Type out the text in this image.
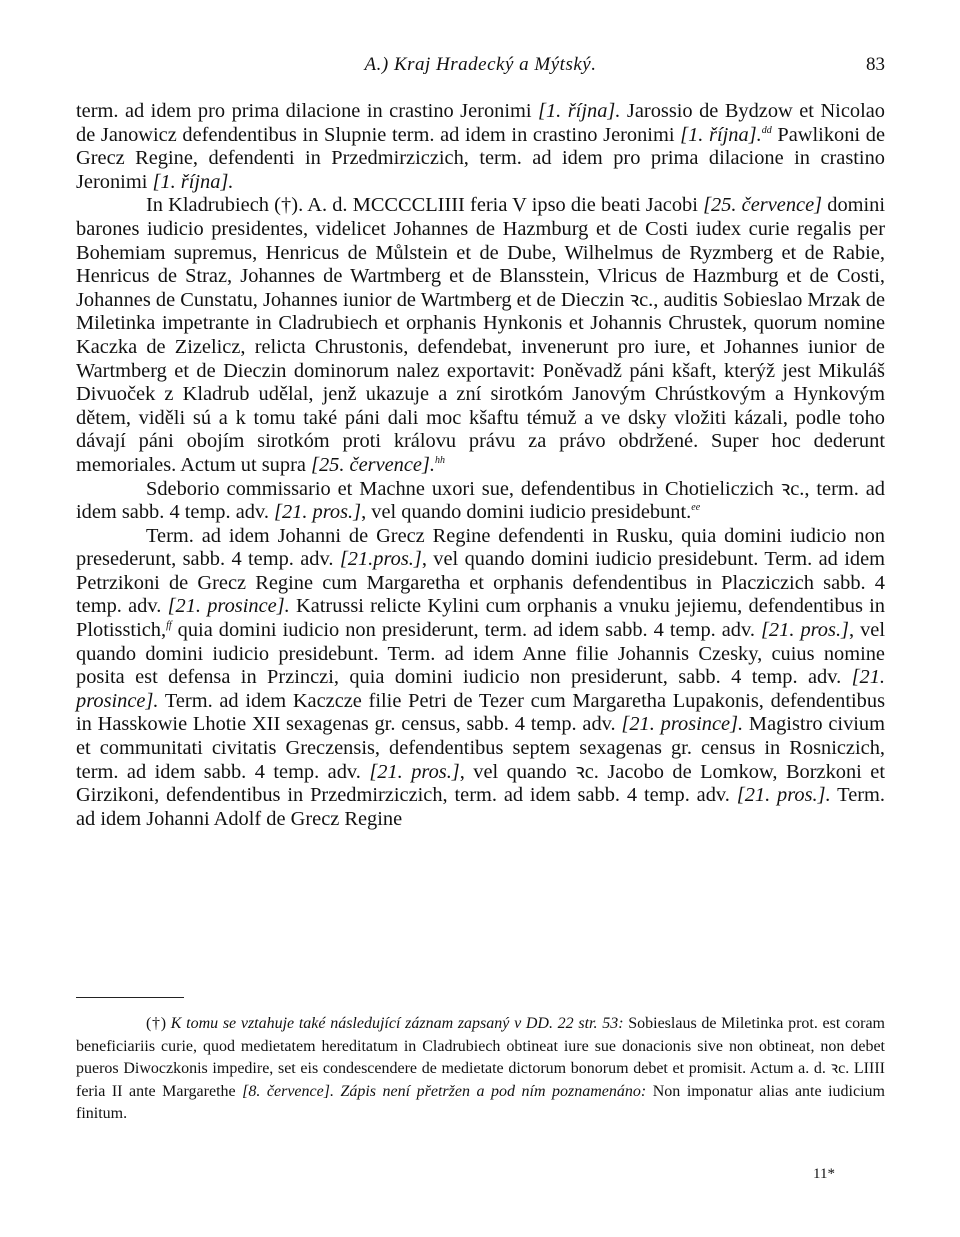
A.) Kraj Hradecký a Mýtský.	83

term. ad idem pro prima dilacione in crastino Jeronimi [1. října]. Jarossio de Bydzow et Nicolao de Janowicz defendentibus in Slupnie term. ad idem in crastino Jeronimi [1. října].$^{dd}$ Pawlikoni de Grecz Regine, defendenti in Przedmirziczich, term. ad idem pro prima dilacione in crastino Jeronimi [1. října].

In Kladrubiech (†). A. d. MCCCCLIIII feria V ipso die beati Jacobi [25. července] domini barones iudicio presidentes, videlicet Johannes de Hazmburg et de Costi iudex curie regalis per Bohemiam supremus, Henricus de Můlstein et de Dube, Wilhelmus de Ryzmberg et de Rabie, Henricus de Straz, Johannes de Wartmberg et de Blansstein, Vlricus de Hazmburg et de Costi, Johannes de Cunstatu, Johannes iunior de Wartmberg et de Dieczin ꝛc., auditis Sobieslao Mrzak de Miletinka impetrante in Cladrubiech et orphanis Hynkonis et Johannis Chrustek, quorum nomine Kaczka de Zizelicz, relicta Chrustonis, defendebat, invenerunt pro iure, et Johannes iunior de Wartmberg et de Dieczin dominorum nalez exportavit: Poněvadž páni kšaft, kterýž jest Mikuláš Divuoček z Kladrub udělal, jenž ukazuje a zní sirotkóm Janovým Chrústkovým a Hynkovým dětem, viděli sú a k tomu také páni dali moc kšaftu témuž a ve dsky vložiti kázali, podle toho dávají páni obojím sirotkóm proti královu právu za právo obdržené. Super hoc dederunt memoriales. Actum ut supra [25. července].$^{hh}$

Sdeborio commissario et Machne uxori sue, defendentibus in Chotieliczich ꝛc., term. ad idem sabb. 4 temp. adv. [21. pros.], vel quando domini iudicio presidebunt.$^{ee}$

Term. ad idem Johanni de Grecz Regine defendenti in Rusku, quia domini iudicio non presederunt, sabb. 4 temp. adv. [21.pros.], vel quando domini iudicio presidebunt. Term. ad idem Petrzikoni de Grecz Regine cum Margaretha et orphanis defendentibus in Placziczich sabb. 4 temp. adv. [21. prosince]. Katrussi relicte Kylini cum orphanis a vnuku jejiemu, defendentibus in Plotisstich,$^{ff}$ quia domini iudicio non presiderunt, term. ad idem sabb. 4 temp. adv. [21. pros.], vel quando domini iudicio presidebunt. Term. ad idem Anne filie Johannis Czesky, cuius nomine posita est defensa in Przinczi, quia domini iudicio non presiderunt, sabb. 4 temp. adv. [21. prosince]. Term. ad idem Kaczcze filie Petri de Tezer cum Margaretha Lupakonis, defendentibus in Hasskowie Lhotie XII sexagenas gr. census, sabb. 4 temp. adv. [21. prosince]. Magistro civium et communitati civitatis Greczensis, defendentibus septem sexagenas gr. census in Rosniczich, term. ad idem sabb. 4 temp. adv. [21. pros.], vel quando ꝛc. Jacobo de Lomkow, Borzkoni et Girzikoni, defendentibus in Przedmirziczich, term. ad idem sabb. 4 temp. adv. [21. pros.]. Term. ad idem Johanni Adolf de Grecz Regine

(†) K tomu se vztahuje také následující záznam zapsaný v DD. 22 str. 53: Sobieslaus de Miletinka prot. est coram beneficiariis curie, quod medietatem hereditatum in Cladrubiech obtineat iure sue donacionis sive non obtineat, non debet pueros Diwoczkonis impedire, set eis condescendere de medietate dictorum bonorum debet et promisit. Actum a. d. ꝛc. LIIII feria II ante Margarethe [8. července]. Zápis není přetržen a pod ním poznamenáno: Non imponatur alias ante iudicium finitum.
11*
